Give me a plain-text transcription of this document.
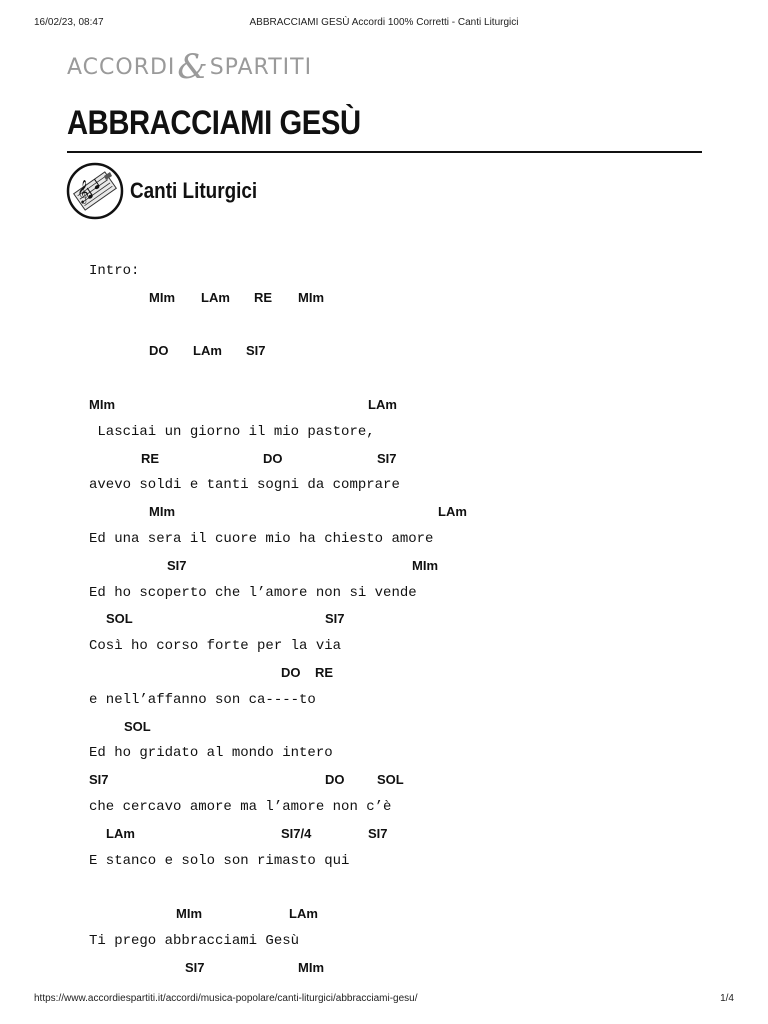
16/02/23, 08:47	ABBRACCIAMI GESÙ Accordi 100% Corretti - Canti Liturgici
ACCORDI & SPARTITI
ABBRACCIAMI GESÙ
𝄞 Canti Liturgici
Intro:
MIm LAm RE MIm
DO LAm SI7
MIm	LAm
Lasciai un giorno il mio pastore,
RE	DO	SI7
avevo soldi e tanti sogni da comprare
MIm	LAm
Ed una sera il cuore mio ha chiesto amore
SI7	MIm
Ed ho scoperto che l’amore non si vende
SOL	SI7
Così ho corso forte per la via
DO RE
e nell’affanno son ca----to
SOL
Ed ho gridato al mondo intero
SI7	DO	SOL
che cercavo amore ma l’amore non c’è
LAm	SI7/4	SI7
E stanco e solo son rimasto qui
MIm	LAm
Ti prego abbracciami Gesù
SI7	MIm
https://www.accordiespartiti.it/accordi/musica-popolare/canti-liturgici/abbracciami-gesu/	1/4
